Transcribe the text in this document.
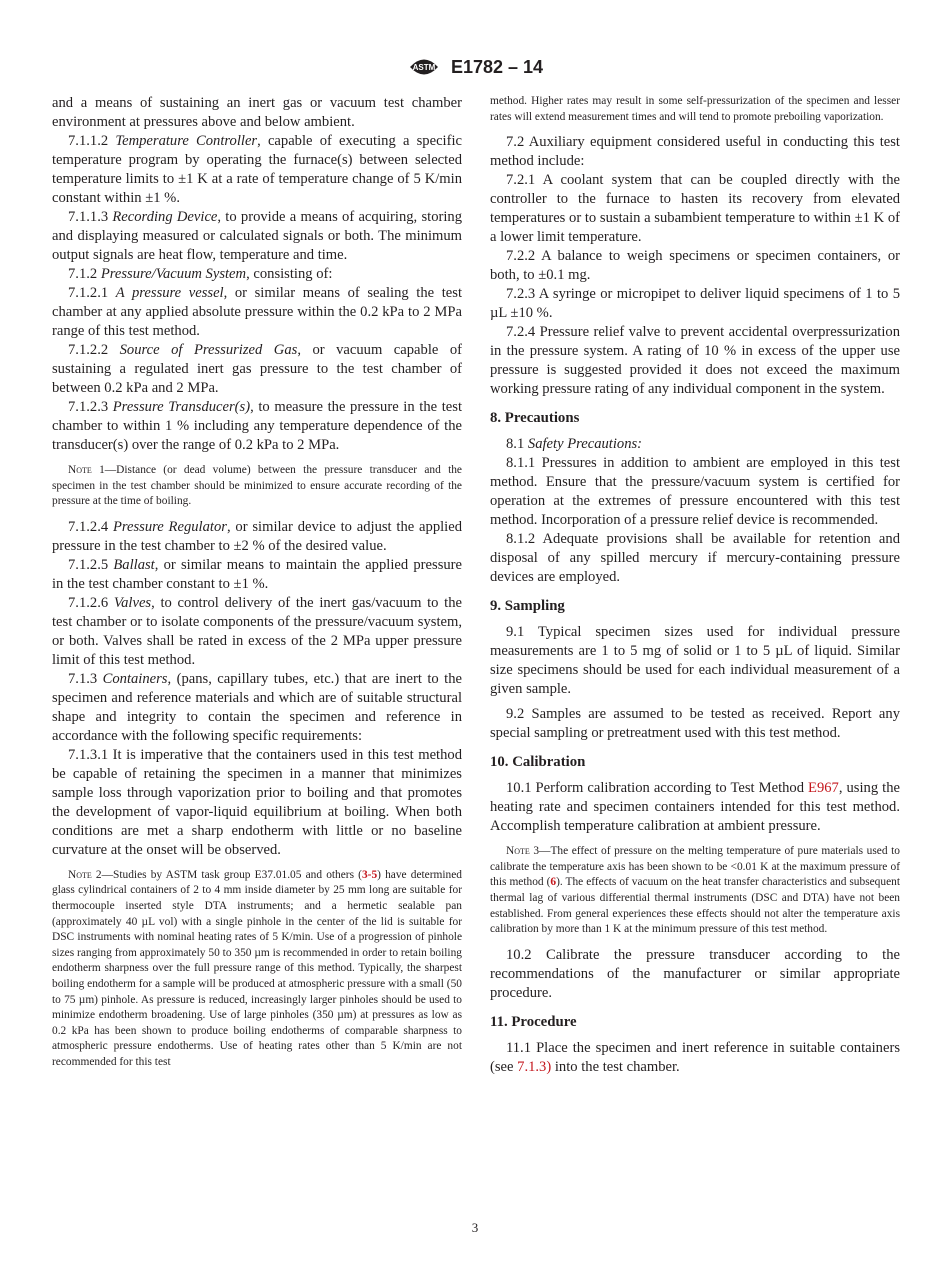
ASTM E1782 – 14

and a means of sustaining an inert gas or vacuum test chamber environment at pressures above and below ambient.

7.1.1.2 Temperature Controller, capable of executing a specific temperature program by operating the furnace(s) between selected temperature limits to ±1 K at a rate of temperature change of 5 K/min constant within ±1 %.

7.1.1.3 Recording Device, to provide a means of acquiring, storing and displaying measured or calculated signals or both. The minimum output signals are heat flow, temperature and time.

7.1.2 Pressure/Vacuum System, consisting of:

7.1.2.1 A pressure vessel, or similar means of sealing the test chamber at any applied absolute pressure within the 0.2 kPa to 2 MPa range of this test method.

7.1.2.2 Source of Pressurized Gas, or vacuum capable of sustaining a regulated inert gas pressure to the test chamber of between 0.2 kPa and 2 MPa.

7.1.2.3 Pressure Transducer(s), to measure the pressure in the test chamber to within 1 % including any temperature dependence of the transducer(s) over the range of 0.2 kPa to 2 MPa.

Note 1—Distance (or dead volume) between the pressure transducer and the specimen in the test chamber should be minimized to ensure accurate recording of the pressure at the time of boiling.

7.1.2.4 Pressure Regulator, or similar device to adjust the applied pressure in the test chamber to ±2 % of the desired value.

7.1.2.5 Ballast, or similar means to maintain the applied pressure in the test chamber constant to ±1 %.

7.1.2.6 Valves, to control delivery of the inert gas/vacuum to the test chamber or to isolate components of the pressure/vacuum system, or both. Valves shall be rated in excess of the 2 MPa upper pressure limit of this test method.

7.1.3 Containers, (pans, capillary tubes, etc.) that are inert to the specimen and reference materials and which are of suitable structural shape and integrity to contain the specimen and reference in accordance with the following specific requirements:

7.1.3.1 It is imperative that the containers used in this test method be capable of retaining the specimen in a manner that minimizes sample loss through vaporization prior to boiling and that promotes the development of vapor-liquid equilibrium at boiling. When both conditions are met a sharp endotherm with little or no baseline curvature at the onset will be observed.

Note 2—Studies by ASTM task group E37.01.05 and others (3-5) have determined glass cylindrical containers of 2 to 4 mm inside diameter by 25 mm long are suitable for thermocouple inserted style DTA instruments; and a hermetic sealable pan (approximately 40 µL vol) with a single pinhole in the center of the lid is suitable for DSC instruments with nominal heating rates of 5 K/min. Use of a progression of pinhole sizes ranging from approximately 50 to 350 µm is recommended in order to retain boiling endotherm sharpness over the full pressure range of this method. Typically, the sharpest boiling endotherm for a sample will be produced at atmospheric pressure with a small (50 to 75 µm) pinhole. As pressure is reduced, increasingly larger pinholes should be used to minimize endotherm broadening. Use of large pinholes (350 µm) at pressures as low as 0.2 kPa has been shown to produce boiling endotherms of comparable sharpness to atmospheric pressure endotherms. Use of heating rates other than 5 K/min are not recommended for this test

method. Higher rates may result in some self-pressurization of the specimen and lesser rates will extend measurement times and will tend to promote preboiling vaporization.

7.2 Auxiliary equipment considered useful in conducting this test method include:

7.2.1 A coolant system that can be coupled directly with the controller to the furnace to hasten its recovery from elevated temperatures or to sustain a subambient temperature to within ±1 K of a lower limit temperature.

7.2.2 A balance to weigh specimens or specimen containers, or both, to ±0.1 mg.

7.2.3 A syringe or micropipet to deliver liquid specimens of 1 to 5 µL ±10 %.

7.2.4 Pressure relief valve to prevent accidental overpressurization in the pressure system. A rating of 10 % in excess of the upper use pressure is suggested provided it does not exceed the maximum working pressure rating of any individual component in the system.

8. Precautions

8.1 Safety Precautions:

8.1.1 Pressures in addition to ambient are employed in this test method. Ensure that the pressure/vacuum system is certified for operation at the extremes of pressure encountered with this test method. Incorporation of a pressure relief device is recommended.

8.1.2 Adequate provisions shall be available for retention and disposal of any spilled mercury if mercury-containing pressure devices are employed.

9. Sampling

9.1 Typical specimen sizes used for individual pressure measurements are 1 to 5 mg of solid or 1 to 5 µL of liquid. Similar size specimens should be used for each individual measurement of a given sample.

9.2 Samples are assumed to be tested as received. Report any special sampling or pretreatment used with this test method.

10. Calibration

10.1 Perform calibration according to Test Method E967, using the heating rate and specimen containers intended for this test method. Accomplish temperature calibration at ambient pressure.

Note 3—The effect of pressure on the melting temperature of pure materials used to calibrate the temperature axis has been shown to be <0.01 K at the maximum pressure of this method (6). The effects of vacuum on the heat transfer characteristics and subsequent thermal lag of various differential thermal instruments (DSC and DTA) have not been established. From general experiences these effects should not alter the temperature axis calibration by more than 1 K at the minimum pressure of this test method.

10.2 Calibrate the pressure transducer according to the recommendations of the manufacturer or similar appropriate procedure.

11. Procedure

11.1 Place the specimen and inert reference in suitable containers (see 7.1.3) into the test chamber.

3
